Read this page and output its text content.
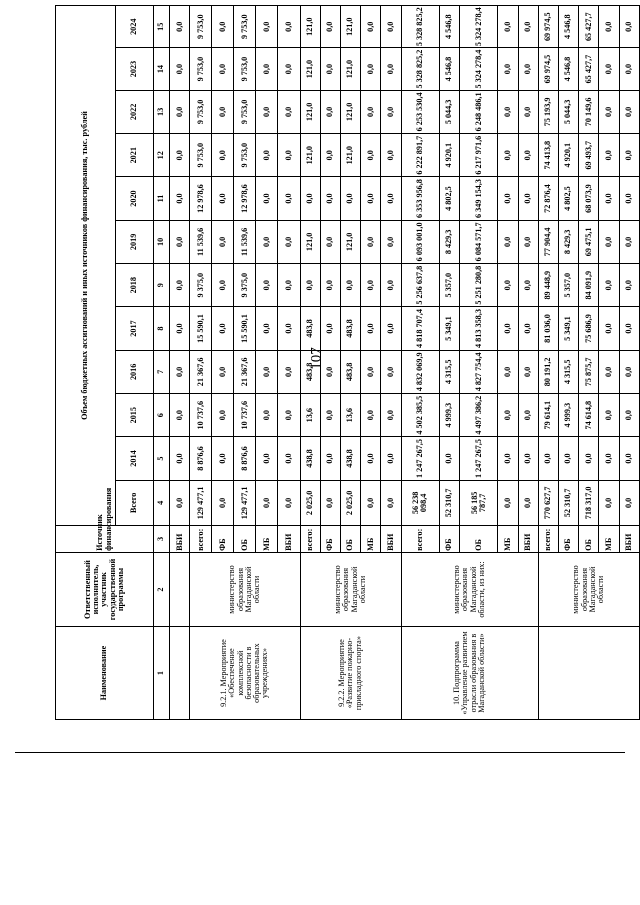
107
Наименование	Ответственный исполнитель, участник государственной программы	Источник финансирования	Объем бюджетных ассигнований и иных источников финансирования, тыс. рублей											
			Всего	2014	2015	2016	2017	2018	2019	2020	2021	2022	2023	2024
1	2	3	4	5	6	7	8	9	10	11	12	13	14	15
		ВБИ	0,0	0,0	0,0	0,0	0,0	0,0	0,0	0,0	0,0	0,0	0,0	0,0
9.2.1. Мероприятие «Обеспечение комплексной безопасности в образовательных учреждениях»	министерство образования Магаданской области	всего:	129 477,1	8 876,6	10 737,6	21 367,6	15 590,1	9 375,0	11 539,6	12 978,6	9 753,0	9 753,0	9 753,0	9 753,0
		ФБ	0,0	0,0	0,0	0,0	0,0	0,0	0,0	0,0	0,0	0,0	0,0	0,0
		ОБ	129 477,1	8 876,6	10 737,6	21 367,6	15 590,1	9 375,0	11 539,6	12 978,6	9 753,0	9 753,0	9 753,0	9 753,0
		МБ	0,0	0,0	0,0	0,0	0,0	0,0	0,0	0,0	0,0	0,0	0,0	0,0
		ВБИ	0,0	0,0	0,0	0,0	0,0	0,0	0,0	0,0	0,0	0,0	0,0	0,0
9.2.2. Мероприятие «Развитие пожарно-прикладного спорта»	министерство образования Магаданской области	всего:	2 025,0	438,8	13,6	483,8	483,8	0,0	121,0	0,0	121,0	121,0	121,0	121,0
		ФБ	0,0	0,0	0,0	0,0	0,0	0,0	0,0	0,0	0,0	0,0	0,0	0,0
		ОБ	2 025,0	438,8	13,6	483,8	483,8	0,0	121,0	0,0	121,0	121,0	121,0	121,0
		МБ	0,0	0,0	0,0	0,0	0,0	0,0	0,0	0,0	0,0	0,0	0,0	0,0
		ВБИ	0,0	0,0	0,0	0,0	0,0	0,0	0,0	0,0	0,0	0,0	0,0	0,0
10. Подпрограмма «Управление развитием отрасли образования в Магаданской области»	министерство образования Магаданской области, из них:	всего:	56 238 098,4	1 247 267,5	4 502 385,5	4 832 069,9	4 818 707,4	5 256 637,8	6 093 001,0	6 353 956,8	6 222 891,7	6 253 530,4	5 328 825,2	5 328 825,2
		ФБ	52 310,7	0,0	4 999,3	4 315,5	5 349,1	5 357,0	8 429,3	4 802,5	4 920,1	5 044,3	4 546,8	4 546,8
		ОБ	56 185 787,7	1 247 267,5	4 497 386,2	4 827 754,4	4 813 358,3	5 251 280,8	6 084 571,7	6 349 154,3	6 217 971,6	6 248 486,1	5 324 278,4	5 324 278,4
		МБ	0,0	0,0	0,0	0,0	0,0	0,0	0,0	0,0	0,0	0,0	0,0	0,0
		ВБИ	0,0	0,0	0,0	0,0	0,0	0,0	0,0	0,0	0,0	0,0	0,0	0,0
	министерство образования Магаданской области	всего:	770 627,7	0,0	79 614,1	80 191,2	81 036,0	89 448,9	77 904,4	72 876,4	74 413,8	75 193,9	69 974,5	69 974,5
		ФБ	52 310,7	0,0	4 999,3	4 315,5	5 349,1	5 357,0	8 429,3	4 802,5	4 920,1	5 044,3	4 546,8	4 546,8
		ОБ	718 317,0	0,0	74 614,8	75 875,7	75 686,9	84 091,9	69 475,1	68 073,9	69 493,7	70 149,6	65 427,7	65 427,7
		МБ	0,0	0,0	0,0	0,0	0,0	0,0	0,0	0,0	0,0	0,0	0,0	0,0
		ВБИ	0,0	0,0	0,0	0,0	0,0	0,0	0,0	0,0	0,0	0,0	0,0	0,0
